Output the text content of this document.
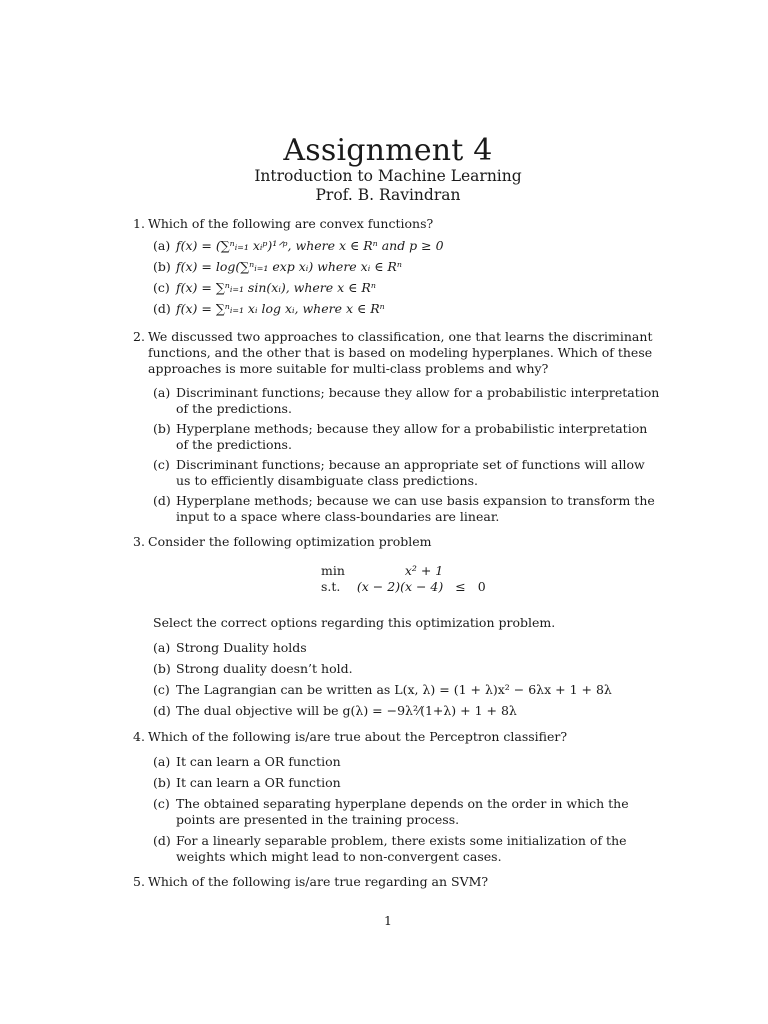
Assignment 4
Introduction to Machine Learning
Prof. B. Ravindran
1. Which of the following are convex functions?
(a) f(x) = (∑ⁿᵢ₌₁ xᵢᵖ)¹ᐟᵖ, where x ∈ Rⁿ and p ≥ 0
(b) f(x) = log(∑ⁿᵢ₌₁ exp xᵢ) where xᵢ ∈ Rⁿ
(c) f(x) = ∑ⁿᵢ₌₁ sin(xᵢ), where x ∈ Rⁿ
(d) f(x) = ∑ⁿᵢ₌₁ xᵢ log xᵢ, where x ∈ Rⁿ
2. We discussed two approaches to classification, one that learns the discriminant functions, and the other that is based on modeling hyperplanes. Which of these approaches is more suitable for multi-class problems and why?
(a) Discriminant functions; because they allow for a probabilistic interpretation of the predictions.
(b) Hyperplane methods; because they allow for a probabilistic interpretation of the predictions.
(c) Discriminant functions; because an appropriate set of functions will allow us to efficiently disambiguate class predictions.
(d) Hyperplane methods; because we can use basis expansion to transform the input to a space where class-boundaries are linear.
3. Consider the following optimization problem
min	x² + 1		
s.t.	(x − 2)(x − 4)	≤	0
Select the correct options regarding this optimization problem.
(a) Strong Duality holds
(b) Strong duality doesn’t hold.
(c) The Lagrangian can be written as L(x, λ) = (1 + λ)x² − 6λx + 1 + 8λ
(d) The dual objective will be g(λ) = −9λ²⁄(1+λ) + 1 + 8λ
4. Which of the following is/are true about the Perceptron classifier?
(a) It can learn a OR function
(b) It can learn a OR function
(c) The obtained separating hyperplane depends on the order in which the points are presented in the training process.
(d) For a linearly separable problem, there exists some initialization of the weights which might lead to non-convergent cases.
5. Which of the following is/are true regarding an SVM?
1
